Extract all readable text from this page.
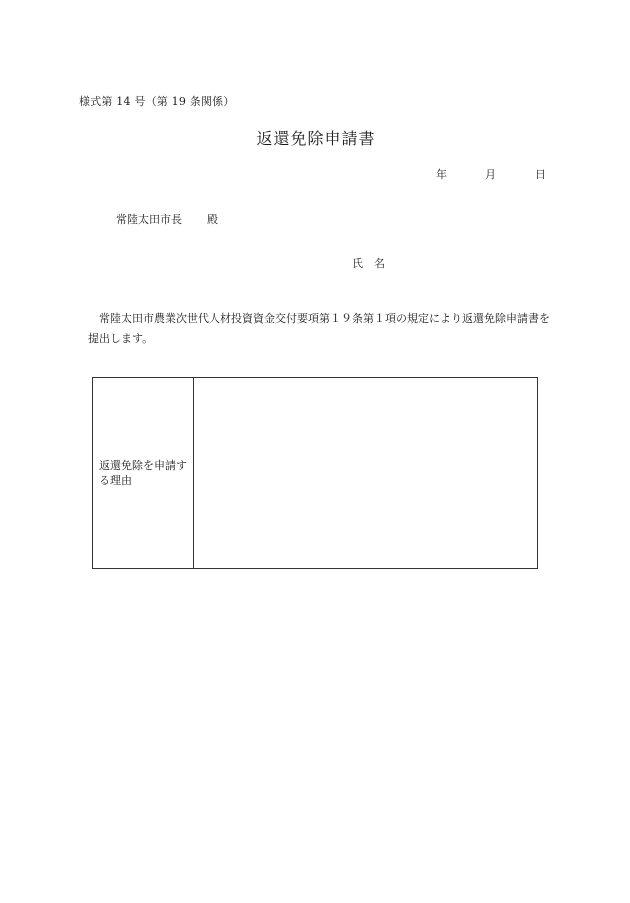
様式第 14 号（第 19 条関係）
返還免除申請書
年	月	日
常陸太田市長 殿
氏名
常陸太田市農業次世代人材投資資金交付要項第１９条第１項の規定により返還免除申請書を提出します。
返還免除を申請する理由
